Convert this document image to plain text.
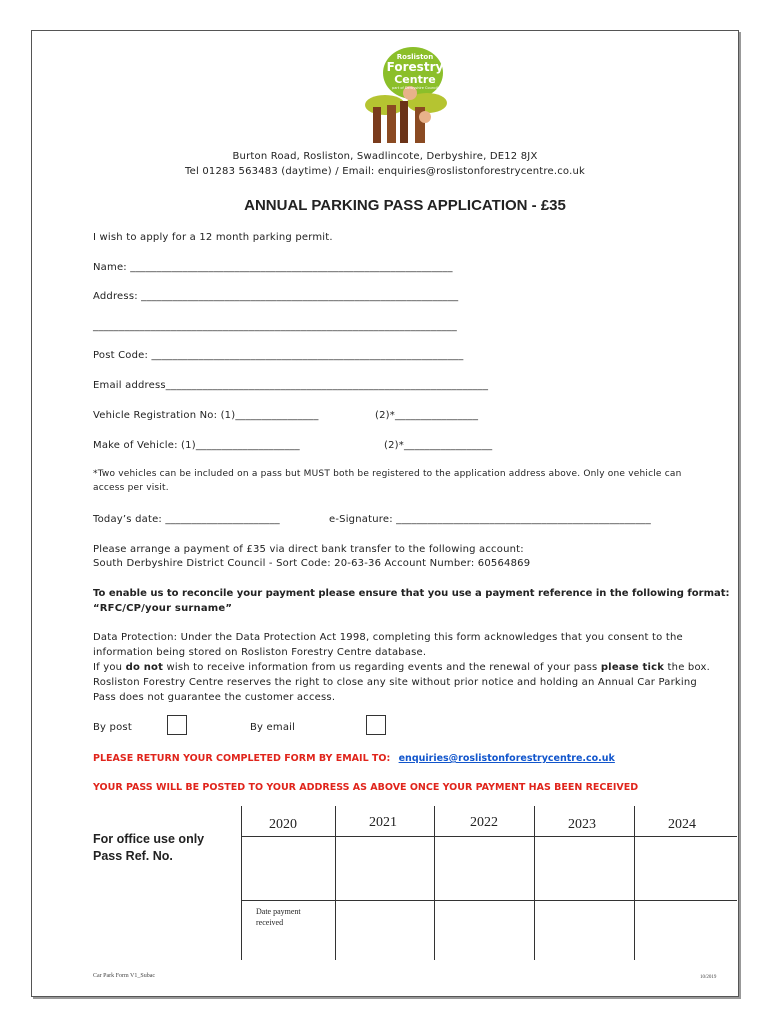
Rosliston
Forestry
Centre
part of Derbyshire Council
Burton Road, Rosliston, Swadlincote, Derbyshire, DE12 8JX
Tel 01283 563483 (daytime) / Email: enquiries@roslistonforestrycentre.co.uk
ANNUAL PARKING PASS APPLICATION - £35
I wish to apply for a 12 month parking permit.
Name: ______________________________________________________________
Address: _____________________________________________________________
______________________________________________________________________
Post Code: ____________________________________________________________
Email address______________________________________________________________
Vehicle Registration No: (1)________________	(2)*________________
Make of Vehicle: (1)____________________	(2)*_________________
*Two vehicles can be included on a pass but MUST both be registered to the application address above. Only one vehicle can
access per visit.
Today’s date: ______________________	e-Signature: _________________________________________________
Please arrange a payment of £35 via direct bank transfer to the following account:
South Derbyshire District Council - Sort Code: 20-63-36 Account Number: 60564869
To enable us to reconcile your payment please ensure that you use a payment reference in the following format:
“RFC/CP/your surname”
Data Protection: Under the Data Protection Act 1998, completing this form acknowledges that you consent to the
information being stored on Rosliston Forestry Centre database.
If you do not wish to receive information from us regarding events and the renewal of your pass please tick the box.
Rosliston Forestry Centre reserves the right to close any site without prior notice and holding an Annual Car Parking
Pass does not guarantee the customer access.
By post	By email
PLEASE RETURN YOUR COMPLETED FORM BY EMAIL TO: enquiries@roslistonforestrycentre.co.uk
YOUR PASS WILL BE POSTED TO YOUR ADDRESS AS ABOVE ONCE YOUR PAYMENT HAS BEEN RECEIVED
For office use only
Pass Ref. No.
2020	2021	2022	2023	2024
Date payment
received
Car Park Form V1_Subac	10/2019
